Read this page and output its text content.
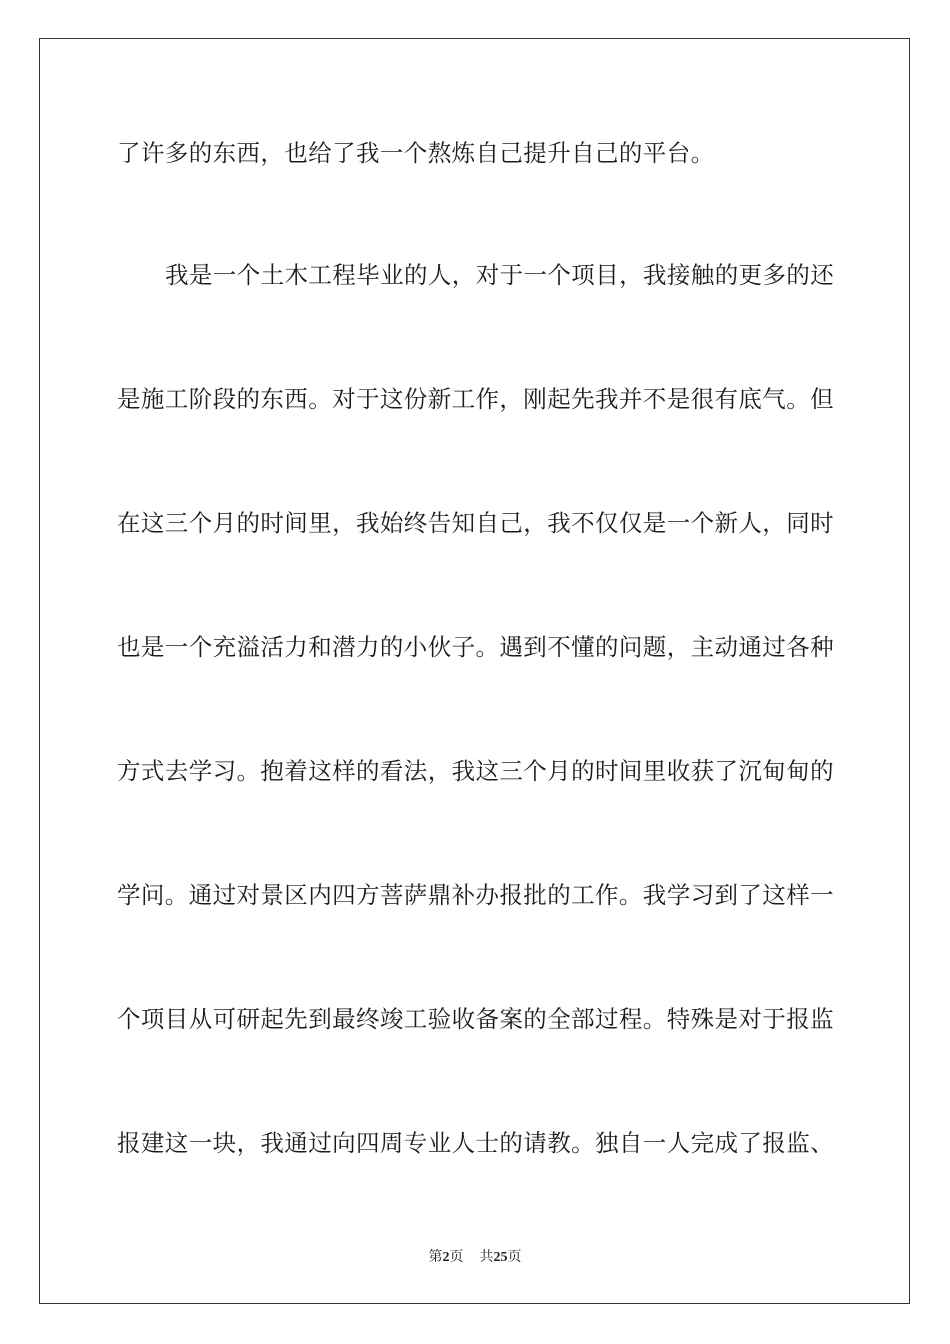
了许多的东西，也给了我一个熬炼自己提升自己的平台。
我是一个土木工程毕业的人，对于一个项目，我接触的更多的还
是施工阶段的东西。对于这份新工作，刚起先我并不是很有底气。但
在这三个月的时间里，我始终告知自己，我不仅仅是一个新人，同时
也是一个充溢活力和潜力的小伙子。遇到不懂的问题，主动通过各种
方式去学习。抱着这样的看法，我这三个月的时间里收获了沉甸甸的
学问。通过对景区内四方菩萨鼎补办报批的工作。我学习到了这样一
个项目从可研起先到最终竣工验收备案的全部过程。特殊是对于报监
报建这一块，我通过向四周专业人士的请教。独自一人完成了报监、
第2页 共25页
